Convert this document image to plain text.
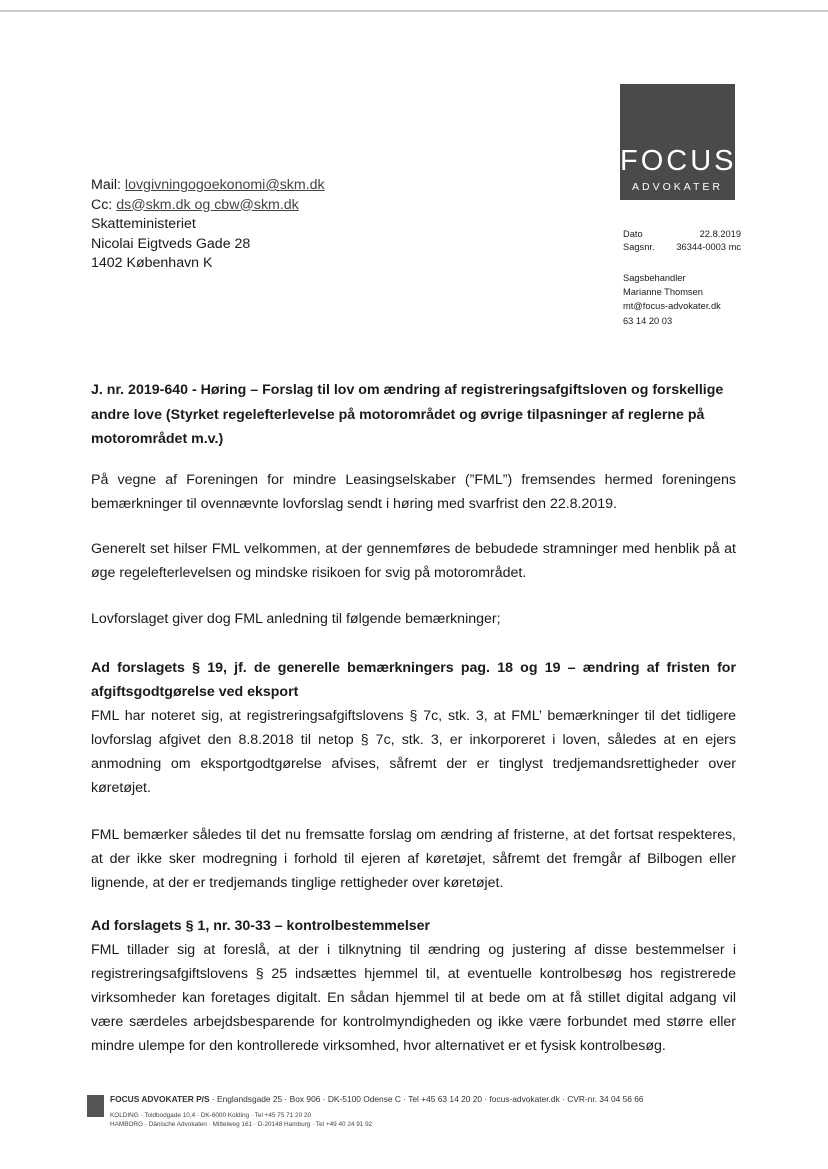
FOCUS
ADVOKATER
Mail: lovgivningogoekonomi@skm.dk
Cc: ds@skm.dk og cbw@skm.dk
Skatteministeriet
Nicolai Eigtveds Gade 28
1402 København K
Dato	22.8.2019
Sagsnr. 36344-0003 mc
Sagsbehandler
Marianne Thomsen
mt@focus-advokater.dk
63 14 20 03
J. nr. 2019-640 - Høring – Forslag til lov om ændring af registreringsafgiftsloven og forskellige andre love (Styrket regelefterlevelse på motorområdet og øvrige tilpasninger af reglerne på motorområdet m.v.)
På vegne af Foreningen for mindre Leasingselskaber (”FML”) fremsendes hermed foreningens bemærkninger til ovennævnte lovforslag sendt i høring med svarfrist den 22.8.2019.
Generelt set hilser FML velkommen, at der gennemføres de bebudede stramninger med henblik på at øge regelefterlevelsen og mindske risikoen for svig på motorområdet.
Lovforslaget giver dog FML anledning til følgende bemærkninger;
Ad forslagets § 19, jf. de generelle bemærkningers pag. 18 og 19 – ændring af fristen for afgiftsgodtgørelse ved eksport
FML har noteret sig, at registreringsafgiftslovens § 7c, stk. 3, at FML’ bemærkninger til det tidligere lovforslag afgivet den 8.8.2018 til netop § 7c, stk. 3, er inkorporeret i loven, således at en ejers anmodning om eksportgodtgørelse afvises, såfremt der er tinglyst tredjemandsrettigheder over køretøjet.
FML bemærker således til det nu fremsatte forslag om ændring af fristerne, at det fortsat respekteres, at der ikke sker modregning i forhold til ejeren af køretøjet, såfremt det fremgår af Bilbogen eller lignende, at der er tredjemands tinglige rettigheder over køretøjet.
Ad forslagets § 1, nr. 30-33 – kontrolbestemmelser
FML tillader sig at foreslå, at der i tilknytning til ændring og justering af disse bestemmelser i registreringsafgiftslovens § 25 indsættes hjemmel til, at eventuelle kontrolbesøg hos registrerede virksomheder kan foretages digitalt. En sådan hjemmel til at bede om at få stillet digital adgang vil være særdeles arbejdsbesparende for kontrolmyndigheden og ikke være forbundet med større eller mindre ulempe for den kontrollerede virksomhed, hvor alternativet er et fysisk kontrolbesøg.
FOCUS ADVOKATER P/S · Englandsgade 25 · Box 906 · DK-5100 Odense C · Tel +45 63 14 20 20 · focus-advokater.dk · CVR-nr. 34 04 56 66
KOLDING · Toldbodgade 10,4 · DK-6000 Kolding · Tel +45 75 71 20 20
HAMBORG · Dänische Advokaten · Mittelweg 161 · D-20148 Hamburg · Tel +49 40 24 91 92
